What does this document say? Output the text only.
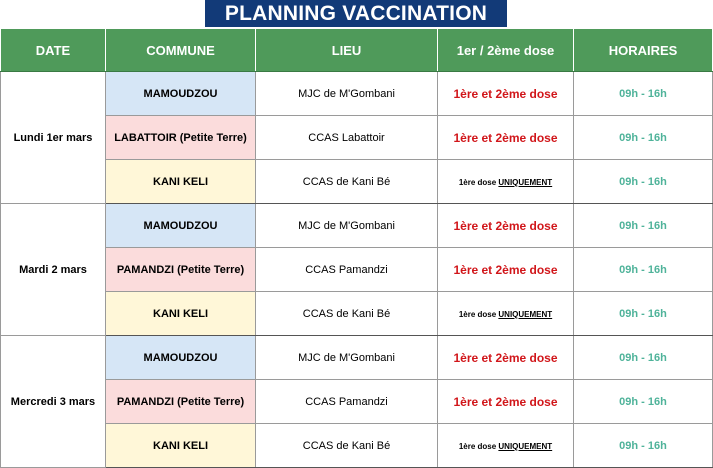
PLANNING VACCINATION
DATE	COMMUNE	LIEU	1er / 2ème dose	HORAIRES
Lundi 1er mars	MAMOUDZOU	MJC de M'Gombani	1ère et 2ème dose	09h - 16h
	LABATTOIR (Petite Terre)	CCAS Labattoir	1ère et 2ème dose	09h - 16h
	KANI KELI	CCAS de Kani Bé	1ère dose UNIQUEMENT	09h - 16h
Mardi 2 mars	MAMOUDZOU	MJC de M'Gombani	1ère et 2ème dose	09h - 16h
	PAMANDZI (Petite Terre)	CCAS Pamandzi	1ère et 2ème dose	09h - 16h
	KANI KELI	CCAS de Kani Bé	1ère dose UNIQUEMENT	09h - 16h
Mercredi 3 mars	MAMOUDZOU	MJC de M'Gombani	1ère et 2ème dose	09h - 16h
	PAMANDZI (Petite Terre)	CCAS Pamandzi	1ère et 2ème dose	09h - 16h
	KANI KELI	CCAS de Kani Bé	1ère dose UNIQUEMENT	09h - 16h
